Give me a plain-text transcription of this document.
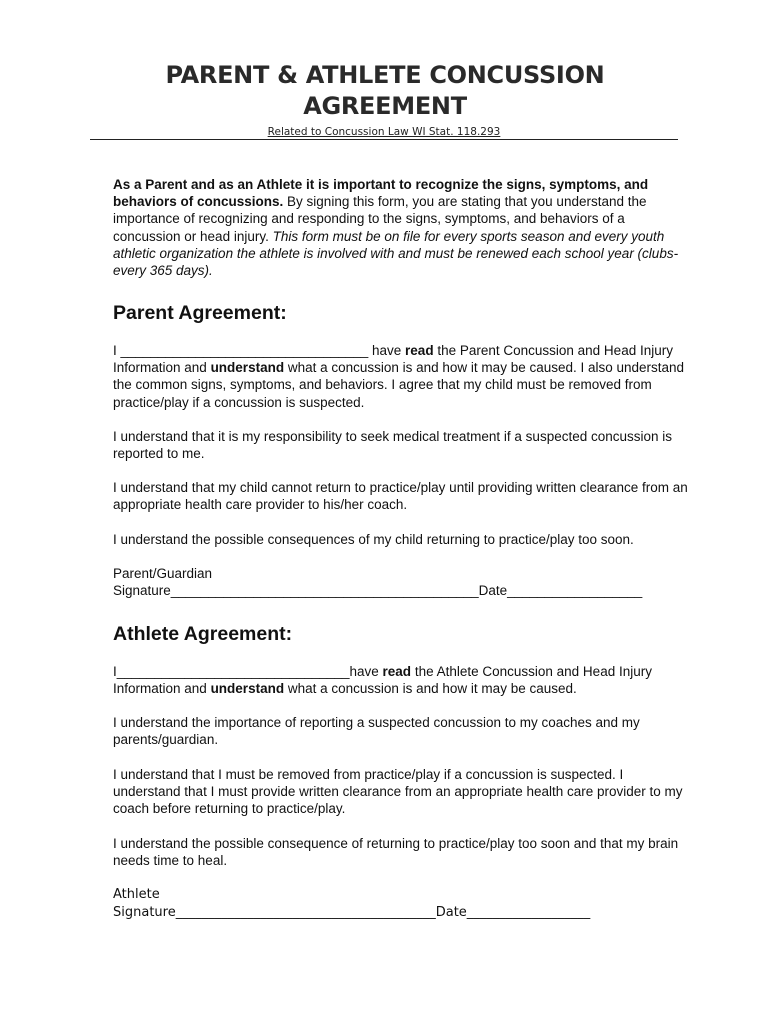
PARENT & ATHLETE CONCUSSION
AGREEMENT
Related to Concussion Law WI Stat. 118.293

As a Parent and as an Athlete it is important to recognize the signs, symptoms, and behaviors of concussions. By signing this form, you are stating that you understand the importance of recognizing and responding to the signs, symptoms, and behaviors of a concussion or head injury. This form must be on file for every sports season and every youth athletic organization the athlete is involved with and must be renewed each school year (clubs- every 365 days).

Parent Agreement:

I _________________________________ have read the Parent Concussion and Head Injury Information and understand what a concussion is and how it may be caused. I also understand the common signs, symptoms, and behaviors. I agree that my child must be removed from practice/play if a concussion is suspected.

I understand that it is my responsibility to seek medical treatment if a suspected concussion is reported to me.

I understand that my child cannot return to practice/play until providing written clearance from an appropriate health care provider to his/her coach.

I understand the possible consequences of my child returning to practice/play too soon.

Parent/Guardian

Signature_________________________________________Date__________________

Athlete Agreement:

I_______________________________have read the Athlete Concussion and Head Injury Information and understand what a concussion is and how it may be caused.

I understand the importance of reporting a suspected concussion to my coaches and my parents/guardian.

I understand that I must be removed from practice/play if a concussion is suspected. I understand that I must provide written clearance from an appropriate health care provider to my coach before returning to practice/play.

I understand the possible consequence of returning to practice/play too soon and that my brain needs time to heal.

Athlete

Signature________________________________________Date___________________
